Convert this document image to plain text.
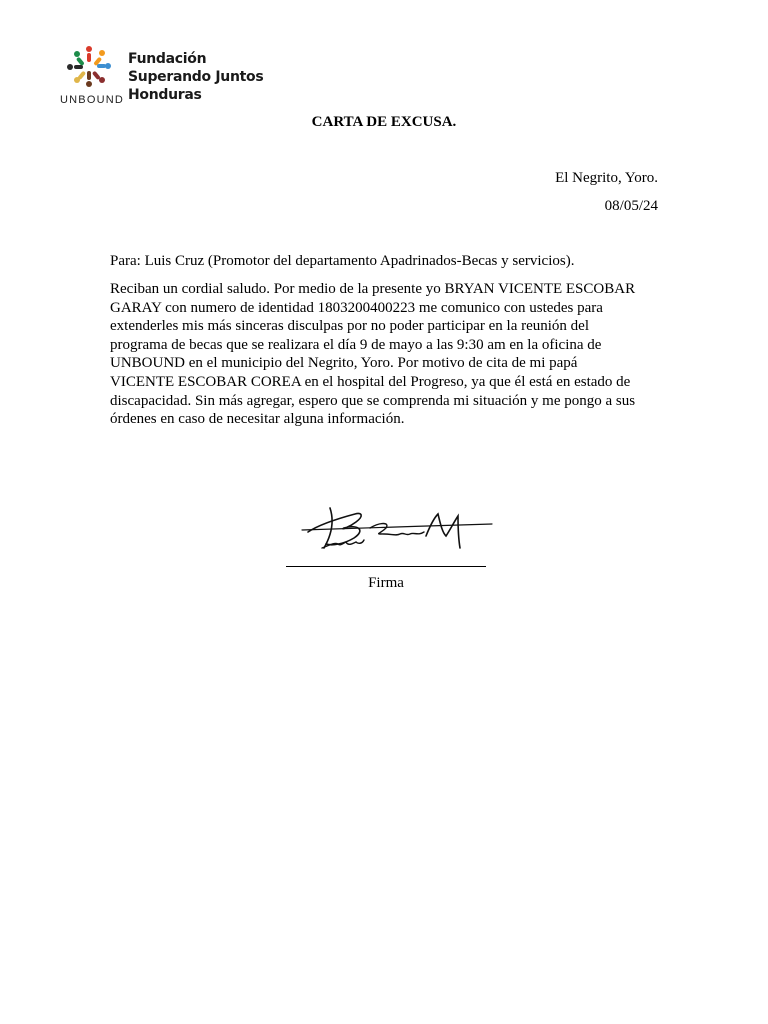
UNBOUND
Fundación
Superando Juntos
Honduras
CARTA DE EXCUSA.
El Negrito, Yoro.
08/05/24
Para: Luis Cruz (Promotor del departamento Apadrinados-Becas y servicios).
Reciban un cordial saludo. Por medio de la presente yo BRYAN VICENTE ESCOBAR
GARAY con numero de identidad 1803200400223 me comunico con ustedes para
extenderles mis más sinceras disculpas por no poder participar en la reunión del
programa de becas que se realizara el día 9 de mayo a las 9:30 am en la oficina de
UNBOUND en el municipio del Negrito, Yoro. Por motivo de cita de mi papá
VICENTE ESCOBAR COREA en el hospital del Progreso, ya que él está en estado de
discapacidad. Sin más agregar, espero que se comprenda mi situación y me pongo a sus
órdenes en caso de necesitar alguna información.
Firma
